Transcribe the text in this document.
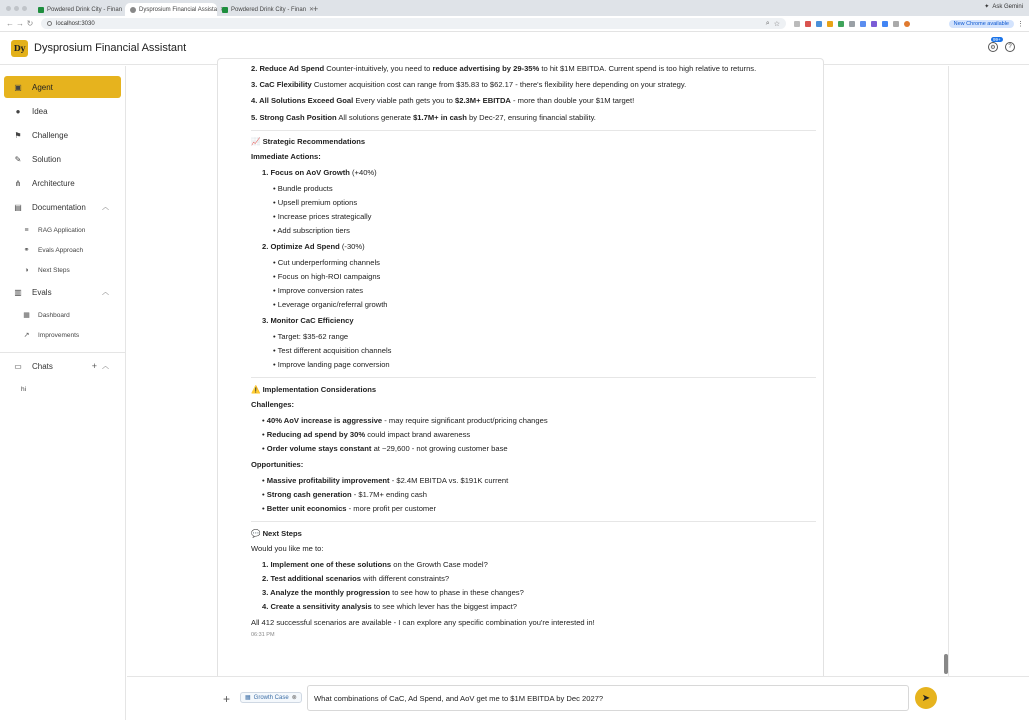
Powdered Drink City - Finan	Dysprosium Financial Assista Powdered Drink City - Finan ✕
+	✦ Ask Gemini
← → ↻	localhost:3030	⌕ ☆	New Chrome available	⋮
Dy Dysprosium Financial Assistant	⚙
99+
?
▣ Agent
●	Idea
⚑ Challenge
✎ Solution
⋔ Architecture
▤ Documentation ︿
≡	RAG Application
⚭ Evals Approach
◑	Next Steps
▥ Evals	︿
▦ Dashboard
↗ Improvements
▭ Chats	+ ︿
hi
2. Reduce Ad Spend Counter-intuitively, you need to reduce advertising by 29-35% to hit $1M EBITDA. Current spend is too high relative to returns.
3. CaC Flexibility Customer acquisition cost can range from $35.83 to $62.17 - there's flexibility here depending on your strategy.
4. All Solutions Exceed Goal Every viable path gets you to $2.3M+ EBITDA - more than double your $1M target!
5. Strong Cash Position All solutions generate $1.7M+ in cash by Dec-27, ensuring financial stability.
📈 Strategic Recommendations
Immediate Actions:
1. Focus on AoV Growth (+40%)
• Bundle products
• Upsell premium options
• Increase prices strategically
• Add subscription tiers
2. Optimize Ad Spend (-30%)
• Cut underperforming channels
• Focus on high-ROI campaigns
• Improve conversion rates
• Leverage organic/referral growth
3. Monitor CaC Efficiency
• Target: $35-62 range
• Test different acquisition channels
• Improve landing page conversion
⚠️ Implementation Considerations
Challenges:
• 40% AoV increase is aggressive - may require significant product/pricing changes
• Reducing ad spend by 30% could impact brand awareness
• Order volume stays constant at ~29,600 - not growing customer base
Opportunities:
• Massive profitability improvement - $2.4M EBITDA vs. $191K current
• Strong cash generation - $1.7M+ ending cash
• Better unit economics - more profit per customer
💬 Next Steps
Would you like me to:
1. Implement one of these solutions on the Growth Case model?
2. Test additional scenarios with different constraints?
3. Analyze the monthly progression to see how to phase in these changes?
4. Create a sensitivity analysis to see which lever has the biggest impact?
All 412 successful scenarios are available - I can explore any specific combination you're interested in!
06:31 PM
+ ▦ Growth Case ⊗	What combinations of CaC, Ad Spend, and AoV get me to $1M EBITDA by Dec 2027?	➤
